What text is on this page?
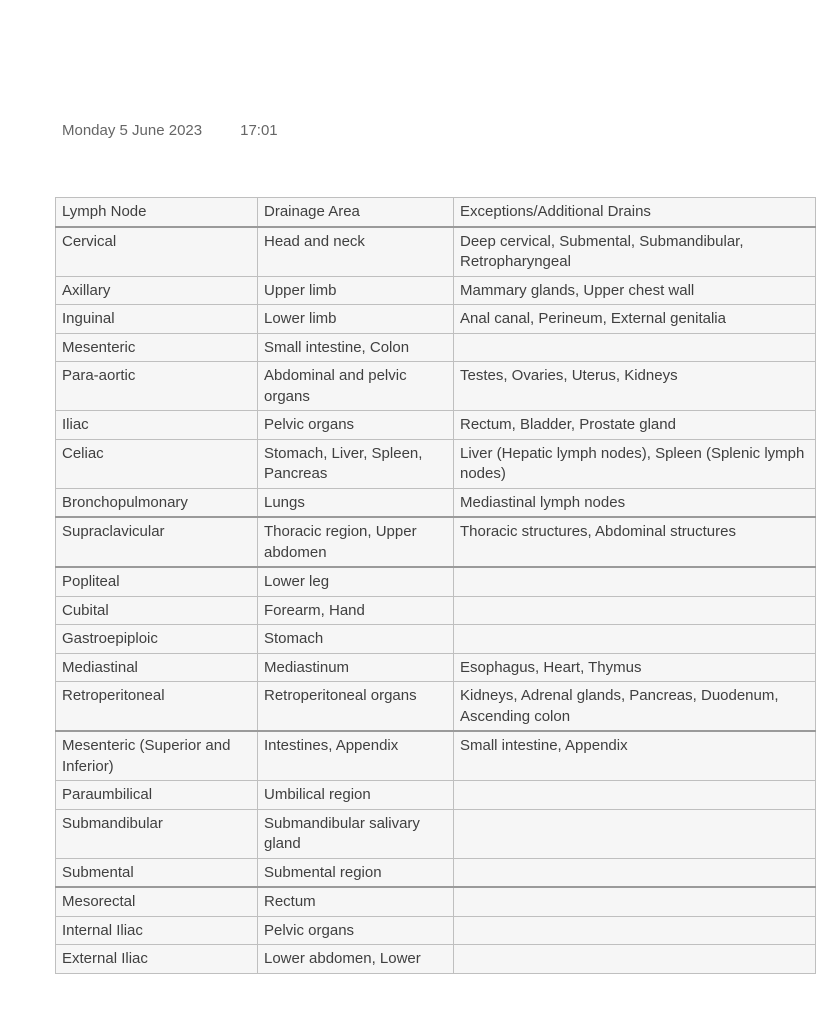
Monday 5 June 2023	17:01
Lymph Node	Drainage Area	Exceptions/Additional Drains
Cervical	Head and neck	Deep cervical, Submental, Submandibular, Retropharyngeal
Axillary	Upper limb	Mammary glands, Upper chest wall
Inguinal	Lower limb	Anal canal, Perineum, External genitalia
Mesenteric	Small intestine, Colon	
Para-aortic	Abdominal and pelvic organs	Testes, Ovaries, Uterus, Kidneys
Iliac	Pelvic organs	Rectum, Bladder, Prostate gland
Celiac	Stomach, Liver, Spleen, Pancreas	Liver (Hepatic lymph nodes), Spleen (Splenic lymph nodes)
Bronchopulmonary	Lungs	Mediastinal lymph nodes
Supraclavicular	Thoracic region, Upper abdomen	Thoracic structures, Abdominal structures
Popliteal	Lower leg	
Cubital	Forearm, Hand	
Gastroepiploic	Stomach	
Mediastinal	Mediastinum	Esophagus, Heart, Thymus
Retroperitoneal	Retroperitoneal organs	Kidneys, Adrenal glands, Pancreas, Duodenum, Ascending colon
Mesenteric (Superior and Inferior)	Intestines, Appendix	Small intestine, Appendix
Paraumbilical	Umbilical region	
Submandibular	Submandibular salivary gland	
Submental	Submental region	
Mesorectal	Rectum	
Internal Iliac	Pelvic organs	
External Iliac	Lower abdomen, Lower	
